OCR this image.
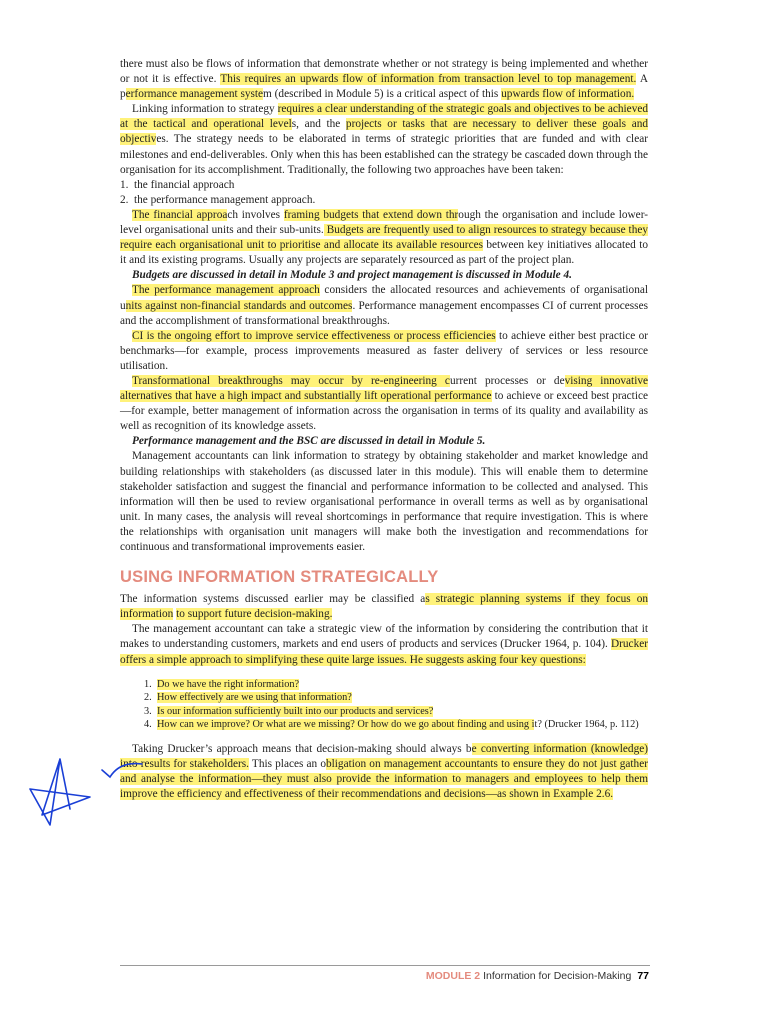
there must also be flows of information that demonstrate whether or not strategy is being implemented and whether or not it is effective. This requires an upwards flow of information from transaction level to top management. A performance management system (described in Module 5) is a critical aspect of this upwards flow of information.

Linking information to strategy requires a clear understanding of the strategic goals and objectives to be achieved at the tactical and operational levels, and the projects or tasks that are necessary to deliver these goals and objectives. The strategy needs to be elaborated in terms of strategic priorities that are funded and with clear milestones and end-deliverables. Only when this has been established can the strategy be cascaded down through the organisation for its accomplishment. Traditionally, the following two approaches have been taken:

1. the financial approach
2. the performance management approach.

The financial approach involves framing budgets that extend down through the organisation and include lower-level organisational units and their sub-units. Budgets are frequently used to align resources to strategy because they require each organisational unit to prioritise and allocate its available resources between key initiatives allocated to it and its existing programs. Usually any projects are separately resourced as part of the project plan.

Budgets are discussed in detail in Module 3 and project management is discussed in Module 4.

The performance management approach considers the allocated resources and achievements of organisational units against non-financial standards and outcomes. Performance management encompasses CI of current processes and the accomplishment of transformational breakthroughs.

CI is the ongoing effort to improve service effectiveness or process efficiencies to achieve either best practice or benchmarks—for example, process improvements measured as faster delivery of services or less resource utilisation.

Transformational breakthroughs may occur by re-engineering current processes or devising innovative alternatives that have a high impact and substantially lift operational performance to achieve or exceed best practice—for example, better management of information across the organisation in terms of its quality and availability as well as recognition of its knowledge assets.

Performance management and the BSC are discussed in detail in Module 5.

Management accountants can link information to strategy by obtaining stakeholder and market knowledge and building relationships with stakeholders (as discussed later in this module). This will enable them to determine stakeholder satisfaction and suggest the financial and performance information to be collected and analysed. This information will then be used to review organisational performance in overall terms as well as by organisational unit. In many cases, the analysis will reveal shortcomings in performance that require investigation. This is where the relationships with organisation unit managers will make both the investigation and recommendations for continuous and transformational improvements easier.

USING INFORMATION STRATEGICALLY

The information systems discussed earlier may be classified as strategic planning systems if they focus on information to support future decision-making.

The management accountant can take a strategic view of the information by considering the contribution that it makes to understanding customers, markets and end users of products and services (Drucker 1964, p. 104). Drucker offers a simple approach to simplifying these quite large issues. He suggests asking four key questions:

1. Do we have the right information?
2. How effectively are we using that information?
3. Is our information sufficiently built into our products and services?
4. How can we improve? Or what are we missing? Or how do we go about finding and using it? (Drucker 1964, p. 112)

Taking Drucker’s approach means that decision-making should always be converting information (knowledge) into results for stakeholders. This places an obligation on management accountants to ensure they do not just gather and analyse the information—they must also provide the information to managers and employees to help them improve the efficiency and effectiveness of their recommendations and decisions—as shown in Example 2.6.

MODULE 2 Information for Decision-Making 77
